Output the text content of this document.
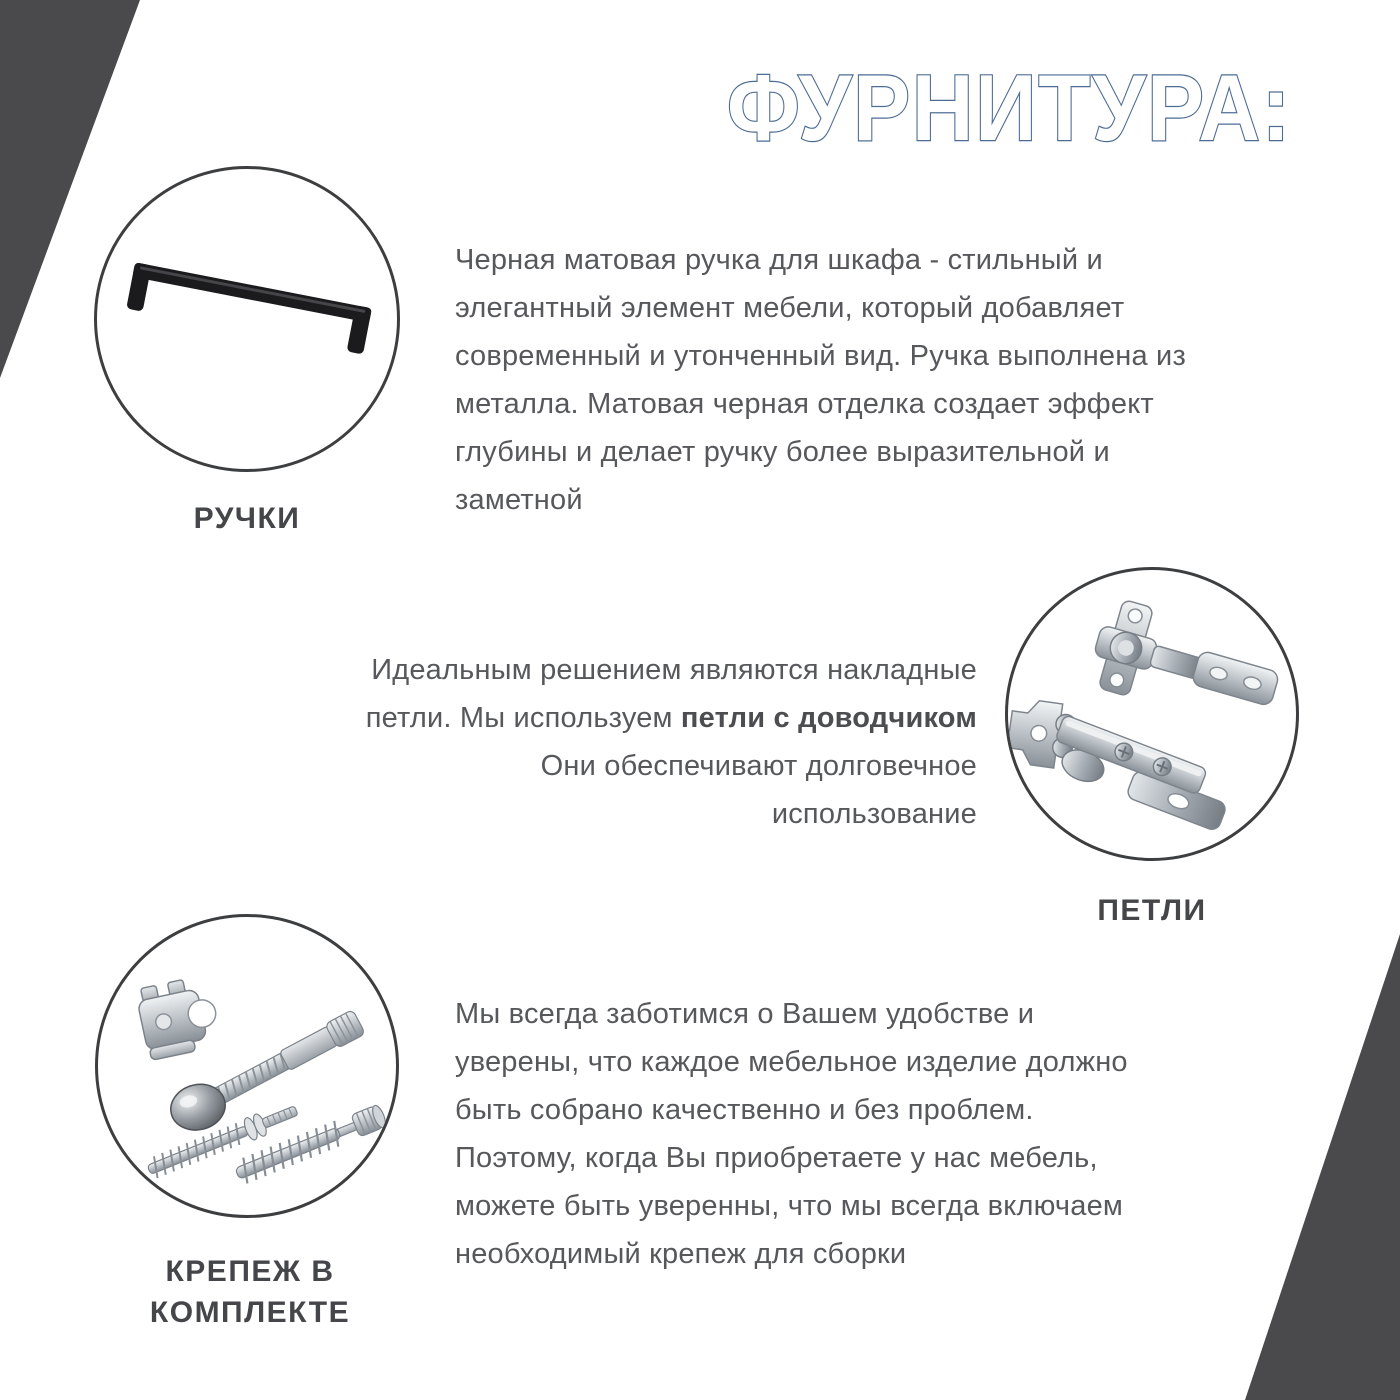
ФУРНИТУРА:
РУЧКИ
Черная матовая ручка для шкафа - стильный и
элегантный элемент мебели, который добавляет
современный и утонченный вид. Ручка выполнена из
металла. Матовая черная отделка создает эффект
глубины и делает ручку более выразительной и
заметной
Идеальным решением являются накладные
петли. Мы используем петли с доводчиком
Они обеспечивают долговечное
использование
ПЕТЛИ
КРЕПЕЖ В
КОМПЛЕКТЕ
Мы всегда заботимся о Вашем удобстве и
уверены, что каждое мебельное изделие должно
быть собрано качественно и без проблем.
Поэтому, когда Вы приобретаете у нас мебель,
можете быть уверенны, что мы всегда включаем
необходимый крепеж для сборки
